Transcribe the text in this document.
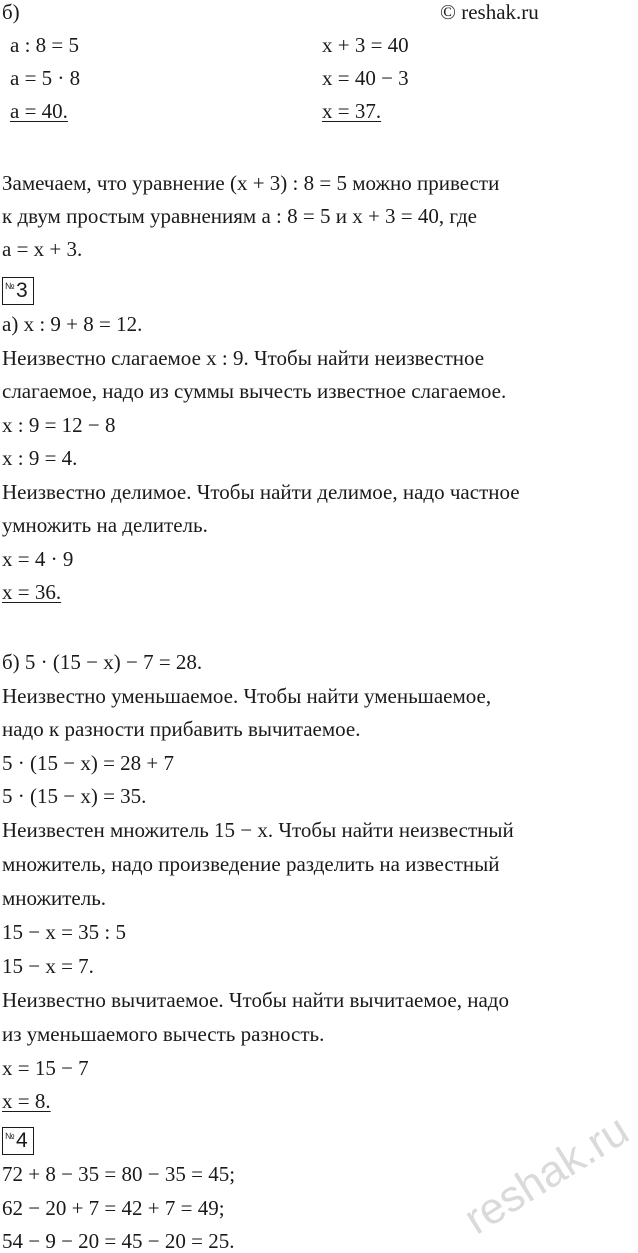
б)	© reshak.ru
a : 8 = 5
a = 5 · 8
a = 40.
x + 3 = 40
x = 40 − 3
x = 37.
Замечаем, что уравнение (x + 3) : 8 = 5 можно привести
к двум простым уравнениям a : 8 = 5 и x + 3 = 40, где
a = x + 3.
№ 3
а) x : 9 + 8 = 12.
Неизвестно слагаемое x : 9. Чтобы найти неизвестное
слагаемое, надо из суммы вычесть известное слагаемое.
x : 9 = 12 − 8
x : 9 = 4.
Неизвестно делимое. Чтобы найти делимое, надо частное
умножить на делитель.
x = 4 · 9
x = 36.
б) 5 · (15 − x) − 7 = 28.
Неизвестно уменьшаемое. Чтобы найти уменьшаемое,
надо к разности прибавить вычитаемое.
5 · (15 − x) = 28 + 7
5 · (15 − x) = 35.
Неизвестен множитель 15 − x. Чтобы найти неизвестный
множитель, надо произведение разделить на известный
множитель.
15 − x = 35 : 5
15 − x = 7.
Неизвестно вычитаемое. Чтобы найти вычитаемое, надо
из уменьшаемого вычесть разность.
x = 15 − 7
x = 8.
reshak.ru
№ 4
72 + 8 − 35 = 80 − 35 = 45;
62 − 20 + 7 = 42 + 7 = 49;
54 − 9 − 20 = 45 − 20 = 25.
